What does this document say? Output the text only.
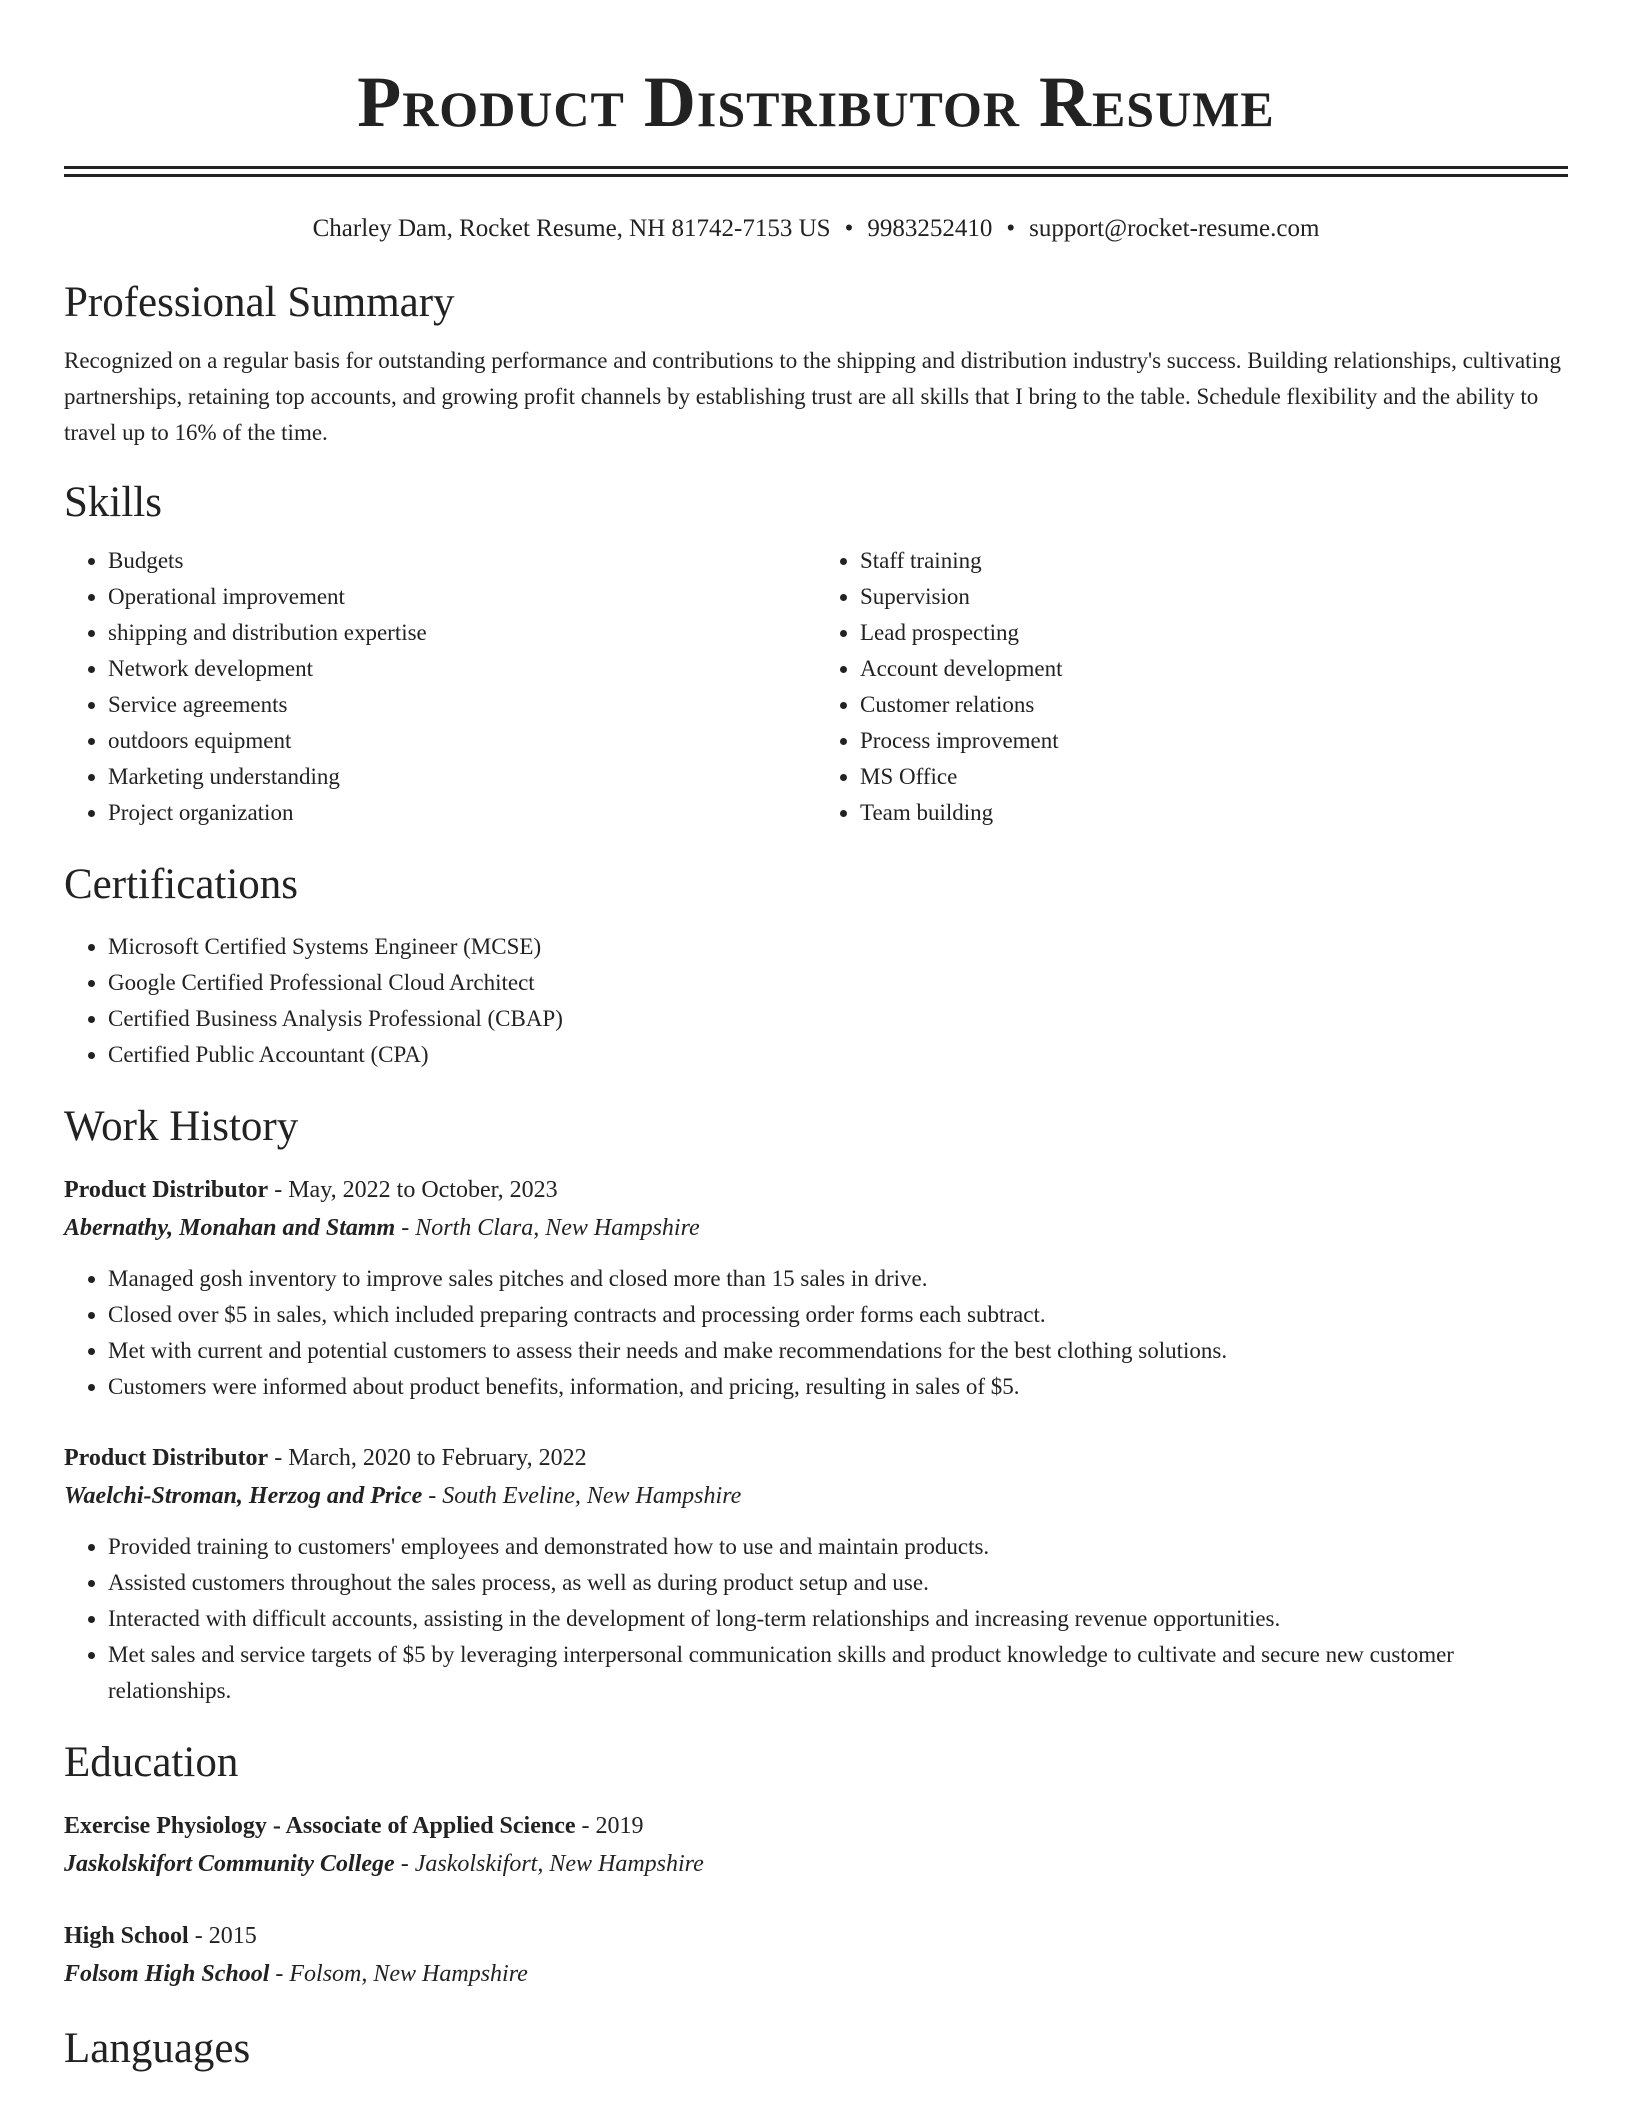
Product Distributor Resume
Charley Dam, Rocket Resume, NH 81742-7153 US • 9983252410 • support@rocket-resume.com
Professional Summary

Recognized on a regular basis for outstanding performance and contributions to the shipping and distribution industry's success. Building relationships, cultivating partnerships, retaining top accounts, and growing profit channels by establishing trust are all skills that I bring to the table. Schedule flexibility and the ability to travel up to 16% of the time.

Skills
• Budgets
• Operational improvement
• shipping and distribution expertise
• Network development
• Service agreements
• outdoors equipment
• Marketing understanding
• Project organization
• Staff training
• Supervision
• Lead prospecting
• Account development
• Customer relations
• Process improvement
• MS Office
• Team building
Certifications
• Microsoft Certified Systems Engineer (MCSE)
• Google Certified Professional Cloud Architect
• Certified Business Analysis Professional (CBAP)
• Certified Public Accountant (CPA)
Work History
Product Distributor - May, 2022 to October, 2023
Abernathy, Monahan and Stamm - North Clara, New Hampshire
• Managed gosh inventory to improve sales pitches and closed more than 15 sales in drive.
• Closed over $5 in sales, which included preparing contracts and processing order forms each subtract.
• Met with current and potential customers to assess their needs and make recommendations for the best clothing solutions.
• Customers were informed about product benefits, information, and pricing, resulting in sales of $5.
Product Distributor - March, 2020 to February, 2022
Waelchi-Stroman, Herzog and Price - South Eveline, New Hampshire
• Provided training to customers' employees and demonstrated how to use and maintain products.
• Assisted customers throughout the sales process, as well as during product setup and use.
• Interacted with difficult accounts, assisting in the development of long-term relationships and increasing revenue opportunities.
• Met sales and service targets of $5 by leveraging interpersonal communication skills and product knowledge to cultivate and secure new customer relationships.
Education
Exercise Physiology - Associate of Applied Science - 2019
Jaskolskifort Community College - Jaskolskifort, New Hampshire
High School - 2015
Folsom High School - Folsom, New Hampshire
Languages
